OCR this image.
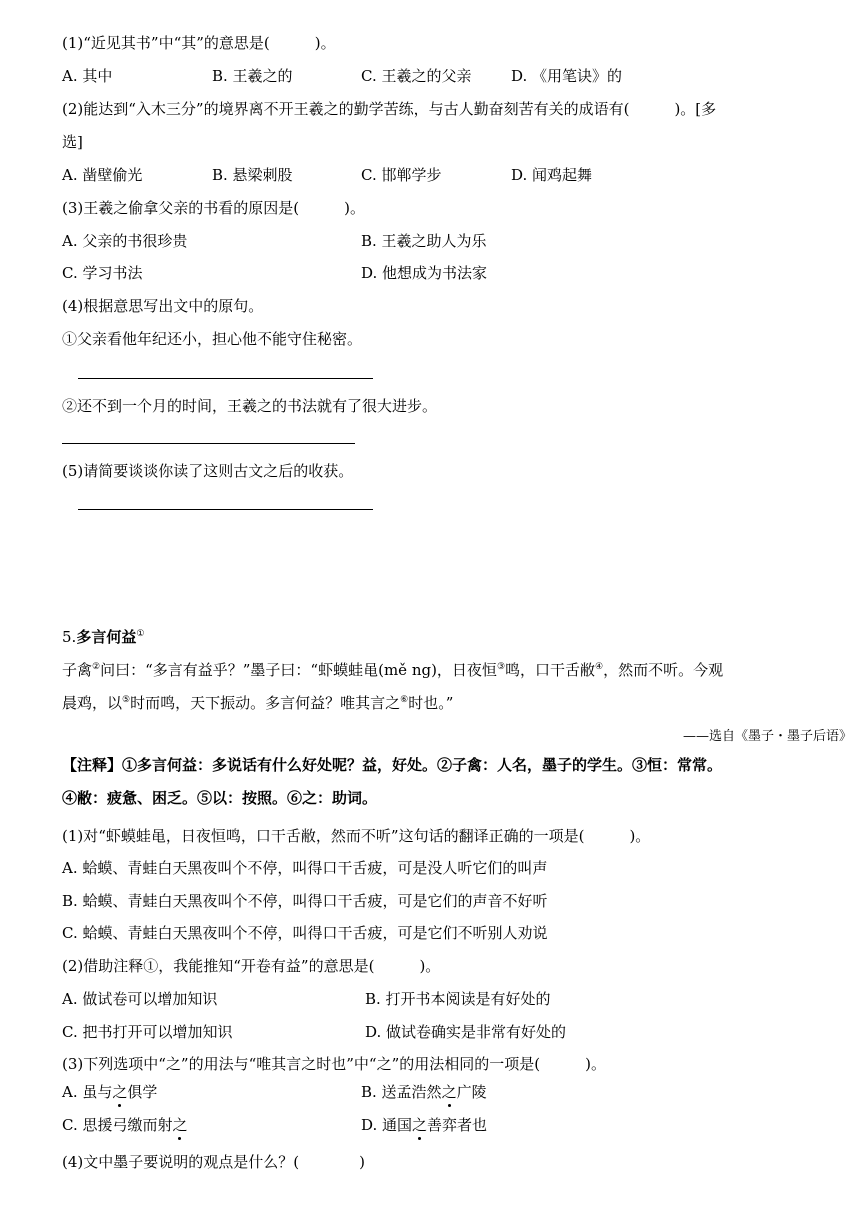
(1)“近见其书”中“其”的意思是(　　　)。
A. 其中	B. 王羲之的	C. 王羲之的父亲	D. 《用笔诀》的
(2)能达到“入木三分”的境界离不开王羲之的勤学苦练，与古人勤奋刻苦有关的成语有(　　　)。[多
选]
A. 凿壁偷光	B. 悬梁刺股	C. 邯郸学步	D. 闻鸡起舞
(3)王羲之偷拿父亲的书看的原因是(　　　)。
A. 父亲的书很珍贵	B. 王羲之助人为乐
C. 学习书法	D. 他想成为书法家
(4)根据意思写出文中的原句。
①父亲看他年纪还小，担心他不能守住秘密。
②还不到一个月的时间，王羲之的书法就有了很大进步。
(5)请简要谈谈你读了这则古文之后的收获。
5.多言何益①
子禽②问曰：“多言有益乎？”墨子曰：“虾蟆蛙黾(mě ng)，日夜恒③鸣，口干舌敝④，然而不听。今观
晨鸡，以⑤时而鸣，天下振动。多言何益？唯其言之⑥时也。”
——选自《墨子・墨子后语》
【注释】①多言何益：多说话有什么好处呢？益，好处。②子禽：人名，墨子的学生。③恒：常常。
④敝：疲惫、困乏。⑤以：按照。⑥之：助词。
(1)对“虾蟆蛙黾，日夜恒鸣，口干舌敝，然而不听”这句话的翻译正确的一项是(　　　)。
A. 蛤蟆、青蛙白天黑夜叫个不停，叫得口干舌疲，可是没人听它们的叫声
B. 蛤蟆、青蛙白天黑夜叫个不停，叫得口干舌疲，可是它们的声音不好听
C. 蛤蟆、青蛙白天黑夜叫个不停，叫得口干舌疲，可是它们不听别人劝说
(2)借助注释①，我能推知“开卷有益”的意思是(　　　)。
A. 做试卷可以增加知识	B. 打开书本阅读是有好处的
C. 把书打开可以增加知识	D. 做试卷确实是非常有好处的
(3)下列选项中“之”的用法与“唯其言之时也”中“之”的用法相同的一项是(　　　)。
A. 虽与之俱学	B. 送孟浩然之广陵
C. 思援弓缴而射之	D. 通国之善弈者也
(4)文中墨子要说明的观点是什么？(　　　　)
